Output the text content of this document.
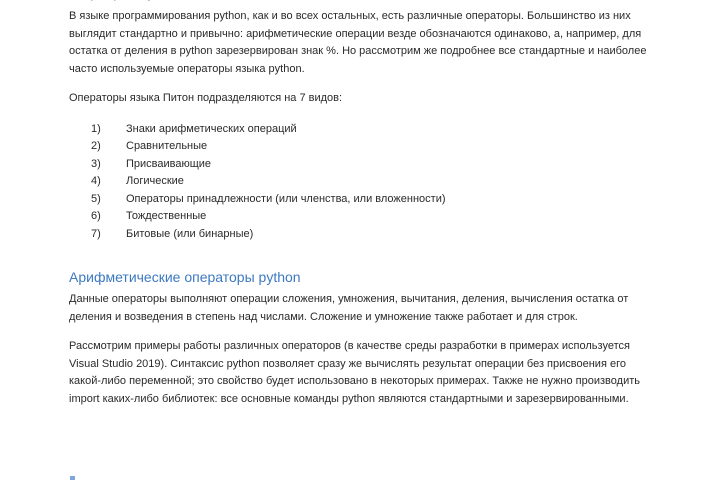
В языке программирования python, как и во всех остальных, есть различные операторы. Большинство из них выглядит стандартно и привычно: арифметические операции везде обозначаются одинаково, а, например, для остатка от деления в python зарезервирован знак %. Но рассмотрим же подробнее все стандартные и наиболее часто используемые операторы языка python.

Операторы языка Питон подразделяются на 7 видов:

1)	Знаки арифметических операций
2)	Сравнительные
3)	Присваивающие
4)	Логические
5)	Операторы принадлежности (или членства, или вложенности)
6)	Тождественные
7)	Битовые (или бинарные)
Арифметические операторы python

Данные операторы выполняют операции сложения, умножения, вычитания, деления, вычисления остатка от деления и возведения в степень над числами. Сложение и умножение также работает и для строк.

Рассмотрим примеры работы различных операторов (в качестве среды разработки в примерах используется Visual Studio 2019). Синтаксис python позволяет сразу же вычислять результат операции без присвоения его какой-либо переменной; это свойство будет использовано в некоторых примерах. Также не нужно производить import каких-либо библиотек: все основные команды python являются стандартными и зарезервированными.
